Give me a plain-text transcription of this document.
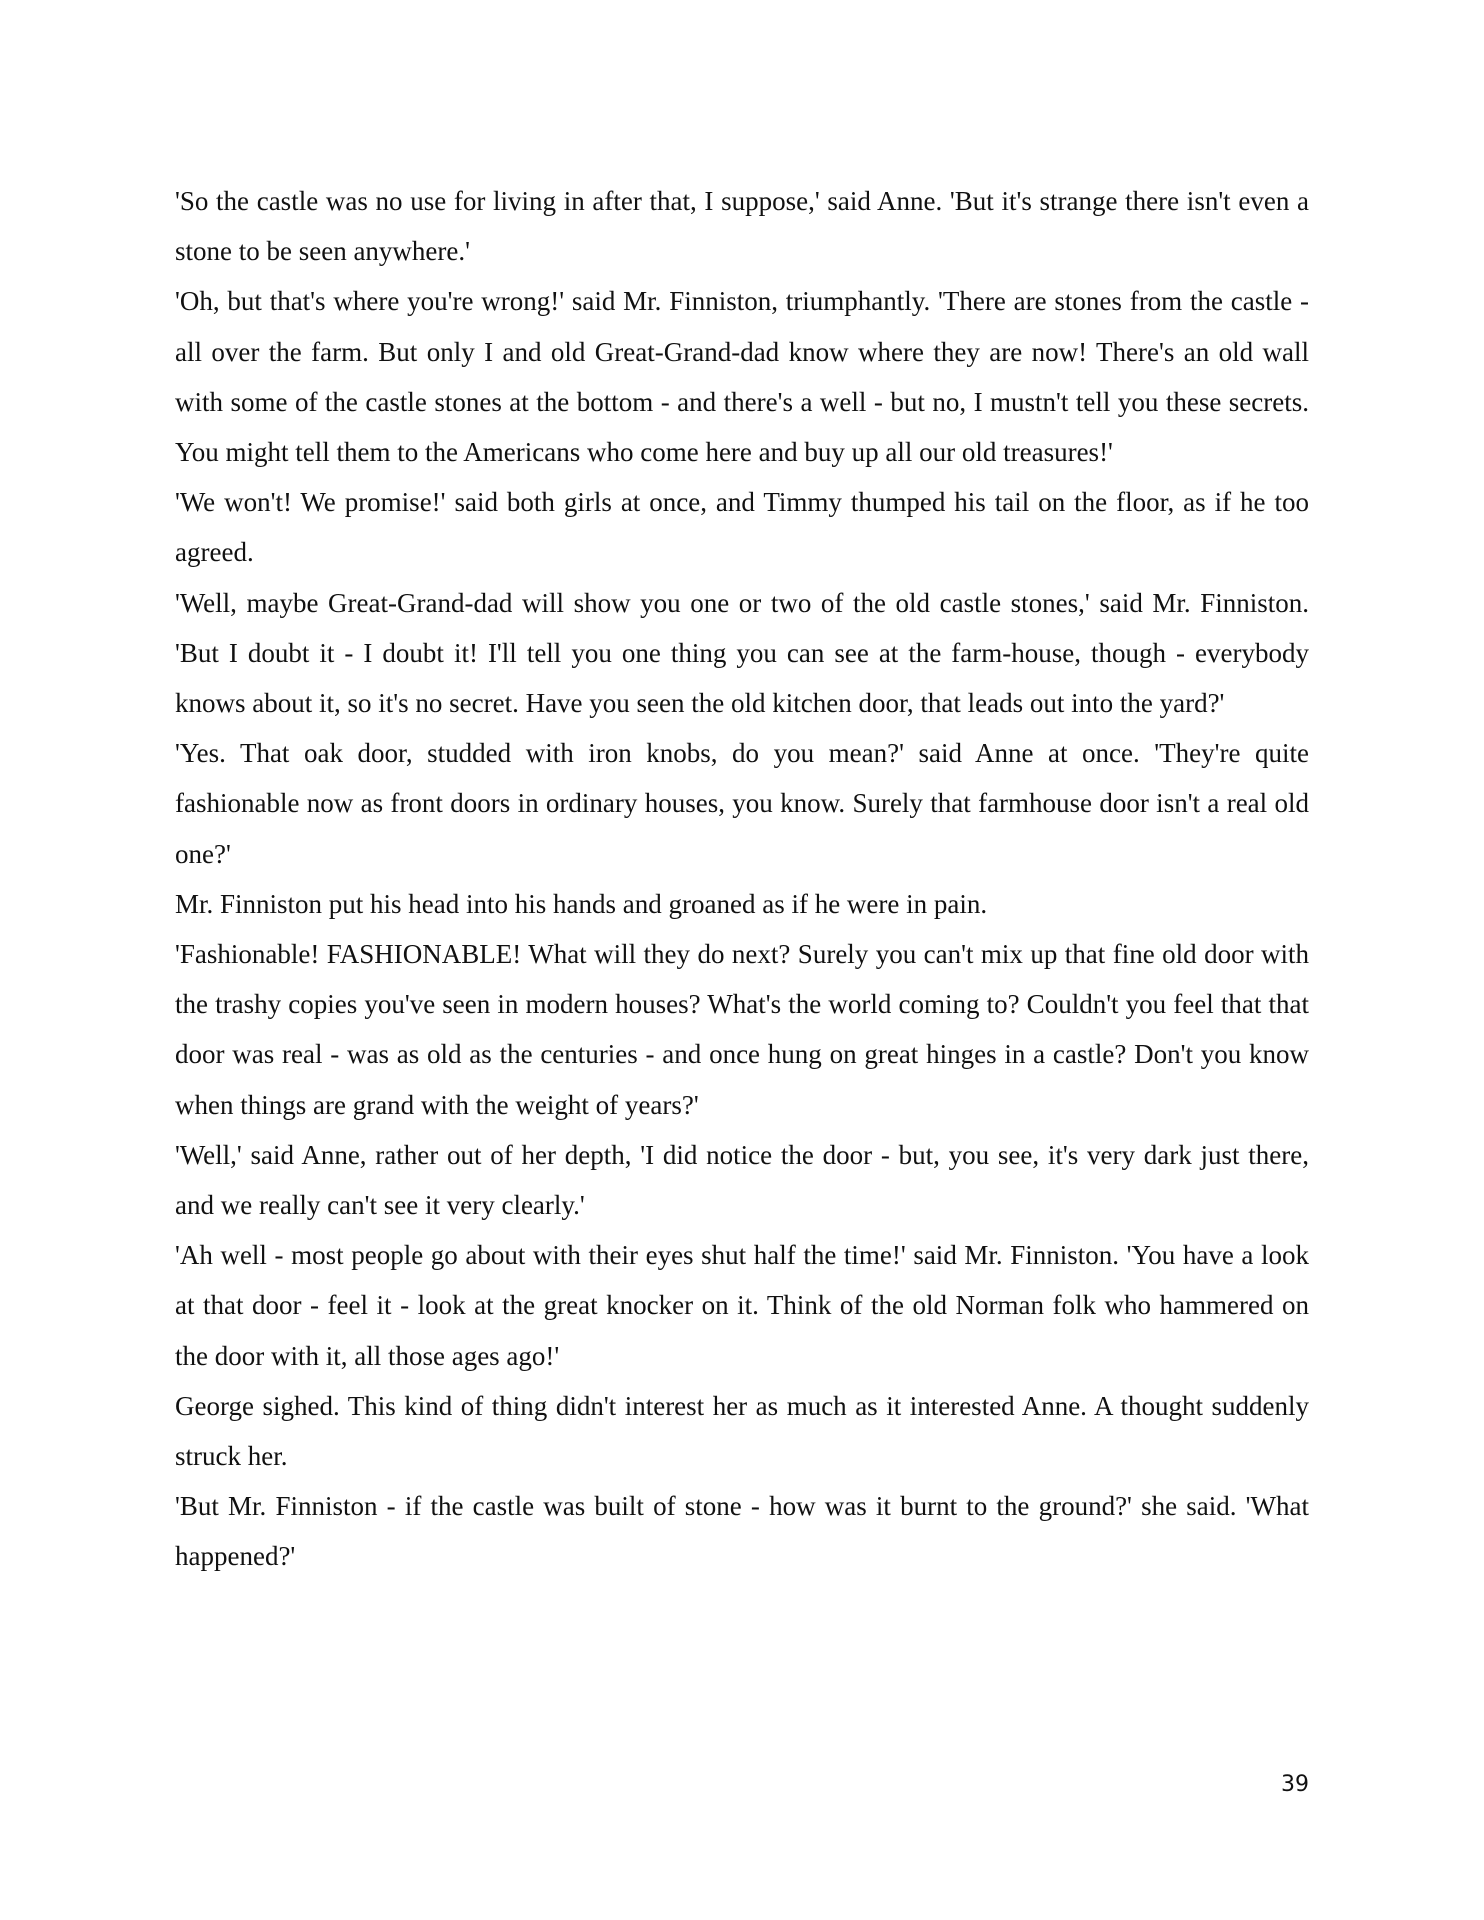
'So the castle was no use for living in after that, I suppose,' said Anne. 'But it's strange there isn't even a stone to be seen anywhere.'

'Oh, but that's where you're wrong!' said Mr. Finniston, triumphantly. 'There are stones from the castle - all over the farm. But only I and old Great-Grand-dad know where they are now! There's an old wall with some of the castle stones at the bottom - and there's a well - but no, I mustn't tell you these secrets. You might tell them to the Americans who come here and buy up all our old treasures!'

'We won't! We promise!' said both girls at once, and Timmy thumped his tail on the floor, as if he too agreed.

'Well, maybe Great-Grand-dad will show you one or two of the old castle stones,' said Mr. Finniston. 'But I doubt it - I doubt it! I'll tell you one thing you can see at the farm-house, though - everybody knows about it, so it's no secret. Have you seen the old kitchen door, that leads out into the yard?'

'Yes. That oak door, studded with iron knobs, do you mean?' said Anne at once. 'They're quite fashionable now as front doors in ordinary houses, you know. Surely that farmhouse door isn't a real old one?'

Mr. Finniston put his head into his hands and groaned as if he were in pain.

'Fashionable! FASHIONABLE! What will they do next? Surely you can't mix up that fine old door with the trashy copies you've seen in modern houses? What's the world coming to? Couldn't you feel that that door was real - was as old as the centuries - and once hung on great hinges in a castle? Don't you know when things are grand with the weight of years?'

'Well,' said Anne, rather out of her depth, 'I did notice the door - but, you see, it's very dark just there, and we really can't see it very clearly.'

'Ah well - most people go about with their eyes shut half the time!' said Mr. Finniston. 'You have a look at that door - feel it - look at the great knocker on it. Think of the old Norman folk who hammered on the door with it, all those ages ago!'

George sighed. This kind of thing didn't interest her as much as it interested Anne. A thought suddenly struck her.

'But Mr. Finniston - if the castle was built of stone - how was it burnt to the ground?' she said. 'What happened?'

39
